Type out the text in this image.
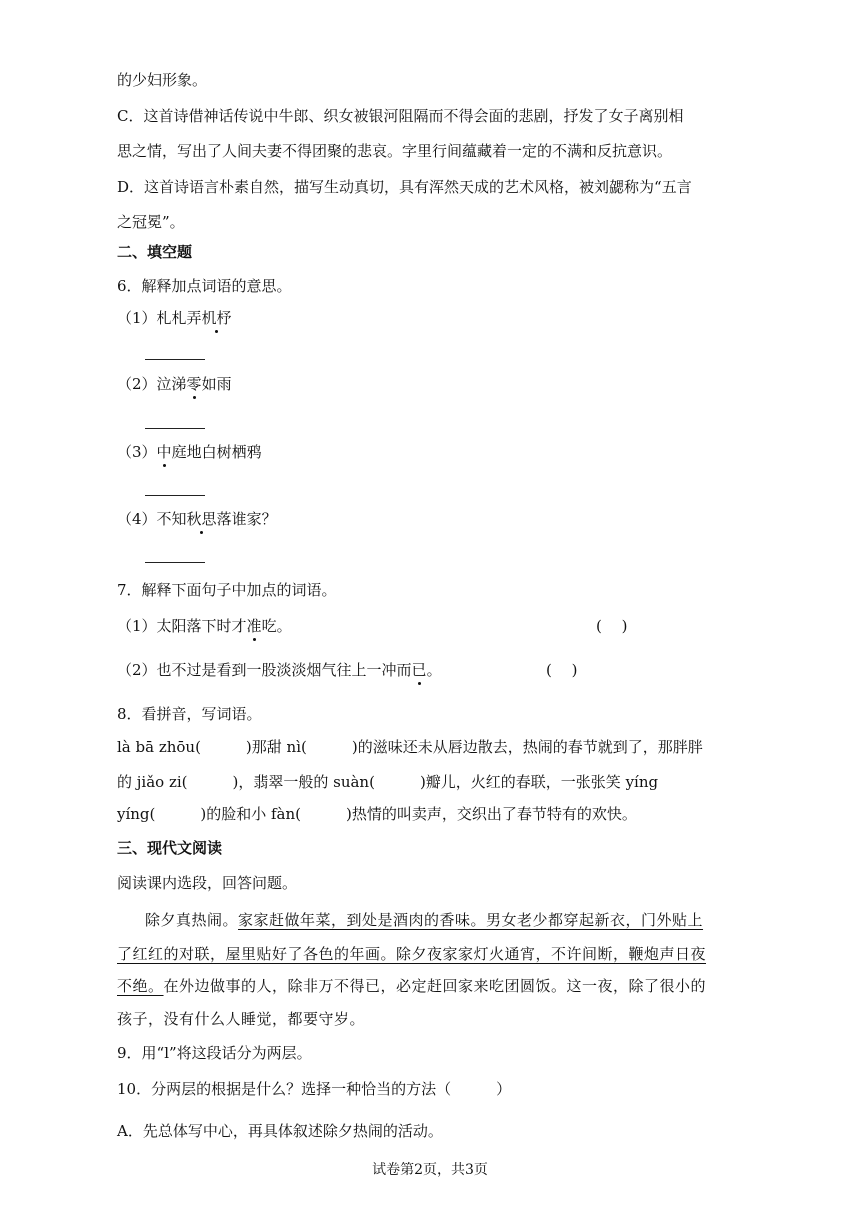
的少妇形象。
C．这首诗借神话传说中牛郎、织女被银河阻隔而不得会面的悲剧，抒发了女子离别相
思之情，写出了人间夫妻不得团聚的悲哀。字里行间蕴藏着一定的不满和反抗意识。
D．这首诗语言朴素自然，描写生动真切，具有浑然天成的艺术风格，被刘勰称为“五言
之冠冕”。
二、填空题
6．解释加点词语的意思。
（1）札札弄机杼
（2）泣涕零如雨
（3）中庭地白树栖鸦
（4）不知秋思落谁家？
7．解释下面句子中加点的词语。
（1）太阳落下时才准吃。	(　 )
（2）也不过是看到一股淡淡烟气往上一冲而已。	(　 )
8．看拼音，写词语。
là bā zhōu(　　　)那甜 nì(　　　)的滋味还未从唇边散去，热闹的春节就到了，那胖胖
的 jiǎo zi(　　　)，翡翠一般的 suàn(　　　)瓣儿，火红的春联，一张张笑 yíng
yíng(　　　)的脸和小 fàn(　　　)热情的叫卖声，交织出了春节特有的欢快。
三、现代文阅读
阅读课内选段，回答问题。
除夕真热闹。家家赶做年菜，到处是酒肉的香味。男女老少都穿起新衣，门外贴上
了红红的对联，屋里贴好了各色的年画。除夕夜家家灯火通宵，不许间断，鞭炮声日夜
不绝。在外边做事的人，除非万不得已，必定赶回家来吃团圆饭。这一夜，除了很小的
孩子，没有什么人睡觉，都要守岁。
9．用“l”将这段话分为两层。
10．分两层的根据是什么？选择一种恰当的方法（　　　）
A．先总体写中心，再具体叙述除夕热闹的活动。
试卷第2页，共3页
